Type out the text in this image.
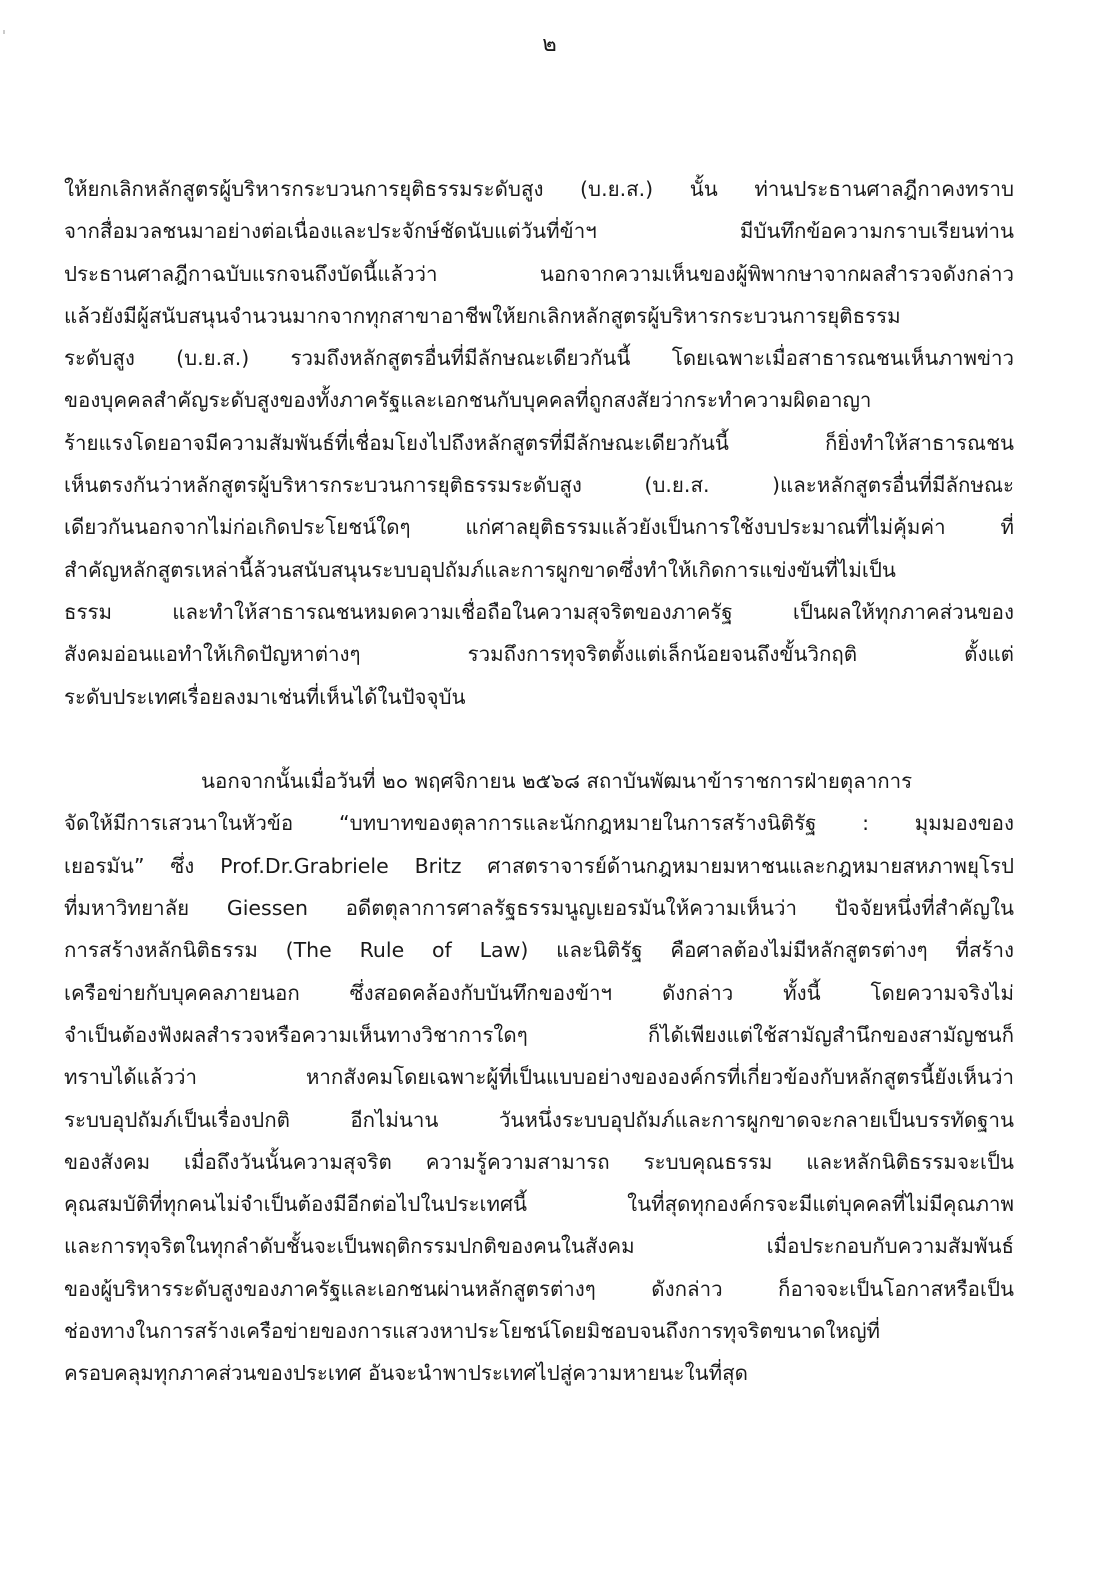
๒
ให้ยกเลิกหลักสูตรผู้บริหารกระบวนการยุติธรรมระดับสูง (บ.ย.ส.) นั้น ท่านประธานศาลฎีกาคงทราบ
จากสื่อมวลชนมาอย่างต่อเนื่องและประจักษ์ชัดนับแต่วันที่ข้าฯ มีบันทึกข้อความกราบเรียนท่าน
ประธานศาลฎีกาฉบับแรกจนถึงบัดนี้แล้วว่า นอกจากความเห็นของผู้พิพากษาจากผลสำรวจดังกล่าว
แล้วยังมีผู้สนับสนุนจำนวนมากจากทุกสาขาอาชีพให้ยกเลิกหลักสูตรผู้บริหารกระบวนการยุติธรรม
ระดับสูง (บ.ย.ส.) รวมถึงหลักสูตรอื่นที่มีลักษณะเดียวกันนี้ โดยเฉพาะเมื่อสาธารณชนเห็นภาพข่าว
ของบุคคลสำคัญระดับสูงของทั้งภาครัฐและเอกชนกับบุคคลที่ถูกสงสัยว่ากระทำความผิดอาญา
ร้ายแรงโดยอาจมีความสัมพันธ์ที่เชื่อมโยงไปถึงหลักสูตรที่มีลักษณะเดียวกันนี้ ก็ยิ่งทำให้สาธารณชน
เห็นตรงกันว่าหลักสูตรผู้บริหารกระบวนการยุติธรรมระดับสูง (บ.ย.ส. )และหลักสูตรอื่นที่มีลักษณะ
เดียวกันนอกจากไม่ก่อเกิดประโยชน์ใดๆ แก่ศาลยุติธรรมแล้วยังเป็นการใช้งบประมาณที่ไม่คุ้มค่า ที่
สำคัญหลักสูตรเหล่านี้ล้วนสนับสนุนระบบอุปถัมภ์และการผูกขาดซึ่งทำให้เกิดการแข่งขันที่ไม่เป็น
ธรรม และทำให้สาธารณชนหมดความเชื่อถือในความสุจริตของภาครัฐ เป็นผลให้ทุกภาคส่วนของ
สังคมอ่อนแอทำให้เกิดปัญหาต่างๆ รวมถึงการทุจริตตั้งแต่เล็กน้อยจนถึงขั้นวิกฤติ ตั้งแต่
ระดับประเทศเรื่อยลงมาเช่นที่เห็นได้ในปัจจุบัน
นอกจากนั้นเมื่อวันที่ ๒๐ พฤศจิกายน ๒๕๖๘ สถาบันพัฒนาข้าราชการฝ่ายตุลาการ
จัดให้มีการเสวนาในหัวข้อ “บทบาทของตุลาการและนักกฎหมายในการสร้างนิติรัฐ : มุมมองของ
เยอรมัน” ซึ่ง Prof.Dr.Grabriele Britz ศาสตราจารย์ด้านกฎหมายมหาชนและกฎหมายสหภาพยุโรป
ที่มหาวิทยาลัย Giessen อดีตตุลาการศาลรัฐธรรมนูญเยอรมันให้ความเห็นว่า ปัจจัยหนึ่งที่สำคัญใน
การสร้างหลักนิติธรรม (The Rule of Law) และนิติรัฐ คือศาลต้องไม่มีหลักสูตรต่างๆ ที่สร้าง
เครือข่ายกับบุคคลภายนอก ซึ่งสอดคล้องกับบันทึกของข้าฯ ดังกล่าว ทั้งนี้ โดยความจริงไม่
จำเป็นต้องฟังผลสำรวจหรือความเห็นทางวิชาการใดๆ ก็ได้เพียงแต่ใช้สามัญสำนึกของสามัญชนก็
ทราบได้แล้วว่า หากสังคมโดยเฉพาะผู้ที่เป็นแบบอย่างขององค์กรที่เกี่ยวข้องกับหลักสูตรนี้ยังเห็นว่า
ระบบอุปถัมภ์เป็นเรื่องปกติ อีกไม่นาน วันหนึ่งระบบอุปถัมภ์และการผูกขาดจะกลายเป็นบรรทัดฐาน
ของสังคม เมื่อถึงวันนั้นความสุจริต ความรู้ความสามารถ ระบบคุณธรรม และหลักนิติธรรมจะเป็น
คุณสมบัติที่ทุกคนไม่จำเป็นต้องมีอีกต่อไปในประเทศนี้ ในที่สุดทุกองค์กรจะมีแต่บุคคลที่ไม่มีคุณภาพ
และการทุจริตในทุกลำดับชั้นจะเป็นพฤติกรรมปกติของคนในสังคม เมื่อประกอบกับความสัมพันธ์
ของผู้บริหารระดับสูงของภาครัฐและเอกชนผ่านหลักสูตรต่างๆ ดังกล่าว ก็อาจจะเป็นโอกาสหรือเป็น
ช่องทางในการสร้างเครือข่ายของการแสวงหาประโยชน์โดยมิชอบจนถึงการทุจริตขนาดใหญ่ที่
ครอบคลุมทุกภาคส่วนของประเทศ อันจะนำพาประเทศไปสู่ความหายนะในที่สุด
